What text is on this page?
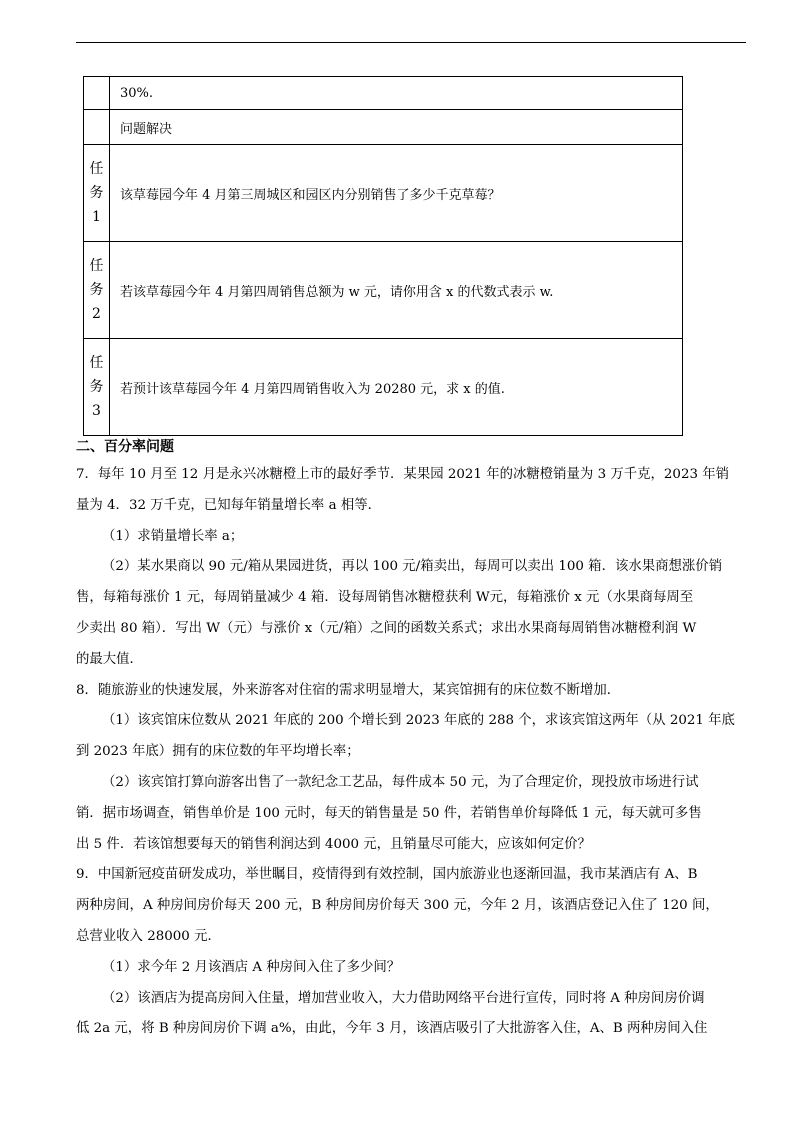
	30%.
	问题解决

任
务
1	该草莓园今年 4 月第三周城区和园区内分别销售了多少千克草莓？

任
务
2	若该草莓园今年 4 月第四周销售总额为 w 元，请你用含 x 的代数式表示 w.

任
务
3	若预计该草莓园今年 4 月第四周销售收入为 20280 元，求 x 的值.

二、百分率问题

7．每年 10 月至 12 月是永兴冰糖橙上市的最好季节．某果园 2021 年的冰糖橙销量为 3 万千克，2023 年销

量为 4．32 万千克，已知每年销量增长率 a 相等．

（1）求销量增长率 a；

（2）某水果商以 90 元/箱从果园进货，再以 100 元/箱卖出，每周可以卖出 100 箱．该水果商想涨价销

售，每箱每涨价 1 元，每周销量减少 4 箱．设每周销售冰糖橙获利 W元，每箱涨价 x 元（水果商每周至

少卖出 80 箱）．写出 W（元）与涨价 x（元/箱）之间的函数关系式；求出水果商每周销售冰糖橙利润 W

的最大值．

8．随旅游业的快速发展，外来游客对住宿的需求明显增大，某宾馆拥有的床位数不断增加．

（1）该宾馆床位数从 2021 年底的 200 个增长到 2023 年底的 288 个，求该宾馆这两年（从 2021 年底

到 2023 年底）拥有的床位数的年平均增长率；

（2）该宾馆打算向游客出售了一款纪念工艺品，每件成本 50 元，为了合理定价，现投放市场进行试

销．据市场调查，销售单价是 100 元时，每天的销售量是 50 件，若销售单价每降低 1 元，每天就可多售

出 5 件．若该馆想要每天的销售利润达到 4000 元，且销量尽可能大，应该如何定价？

9．中国新冠疫苗研发成功，举世瞩目，疫情得到有效控制，国内旅游业也逐渐回温，我市某酒店有 A、B

两种房间，A 种房间房价每天 200 元，B 种房间房价每天 300 元，今年 2 月，该酒店登记入住了 120 间，

总营业收入 28000 元．

（1）求今年 2 月该酒店 A 种房间入住了多少间？

（2）该酒店为提高房间入住量，增加营业收入，大力借助网络平台进行宣传，同时将 A 种房间房价调

低 2a 元，将 B 种房间房价下调 a%，由此，今年 3 月，该酒店吸引了大批游客入住，A、B 两种房间入住
